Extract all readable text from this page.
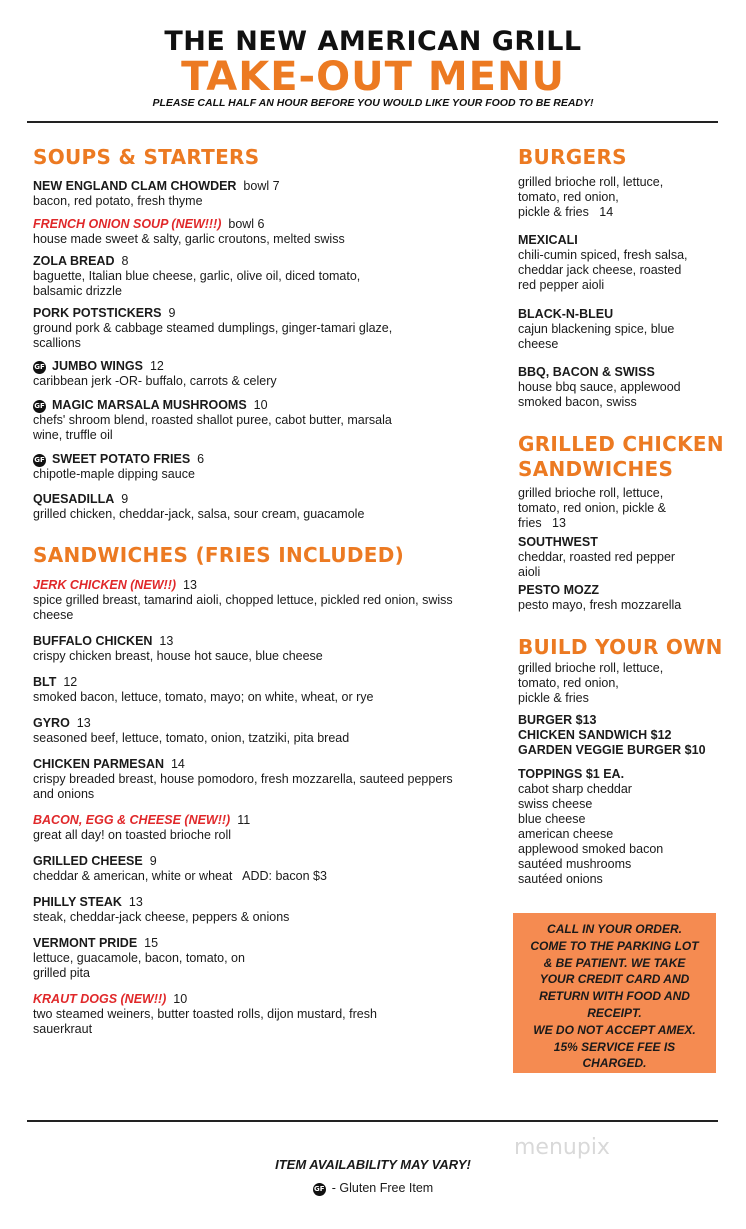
THE NEW AMERICAN GRILL
TAKE-OUT MENU
PLEASE CALL HALF AN HOUR BEFORE YOU WOULD LIKE YOUR FOOD TO BE READY!
SOUPS & STARTERS
NEW ENGLAND CLAM CHOWDER bowl 7
bacon, red potato, fresh thyme
FRENCH ONION SOUP (NEW!!!) bowl 6
house made sweet & salty, garlic croutons, melted swiss
ZOLA BREAD 8
baguette, Italian blue cheese, garlic, olive oil, diced tomato, balsamic drizzle
PORK POTSTICKERS 9
ground pork & cabbage steamed dumplings, ginger-tamari glaze, scallions
GF JUMBO WINGS 12
caribbean jerk -OR- buffalo, carrots & celery
GF MAGIC MARSALA MUSHROOMS 10
chefs' shroom blend, roasted shallot puree, cabot butter, marsala wine, truffle oil
GF SWEET POTATO FRIES 6
chipotle-maple dipping sauce
QUESADILLA 9
grilled chicken, cheddar-jack, salsa, sour cream, guacamole
SANDWICHES (FRIES INCLUDED)
JERK CHICKEN (NEW!!) 13
spice grilled breast, tamarind aioli, chopped lettuce, pickled red onion, swiss cheese
BUFFALO CHICKEN 13
crispy chicken breast, house hot sauce, blue cheese
BLT 12
smoked bacon, lettuce, tomato, mayo; on white, wheat, or rye
GYRO 13
seasoned beef, lettuce, tomato, onion, tzatziki, pita bread
CHICKEN PARMESAN 14
crispy breaded breast, house pomodoro, fresh mozzarella, sauteed peppers and onions
BACON, EGG & CHEESE (NEW!!) 11
great all day! on toasted brioche roll
GRILLED CHEESE 9
cheddar & american, white or wheat   ADD: bacon $3
PHILLY STEAK 13
steak, cheddar-jack cheese, peppers & onions
VERMONT PRIDE 15
lettuce, guacamole, bacon, tomato, on grilled pita
KRAUT DOGS (NEW!!) 10
two steamed weiners, butter toasted rolls, dijon mustard, fresh sauerkraut
BURGERS
grilled brioche roll, lettuce,
tomato, red onion,
pickle & fries 14
MEXICALI
chili-cumin spiced, fresh salsa,
cheddar jack cheese, roasted
red pepper aioli
BLACK-N-BLEU
cajun blackening spice, blue
cheese
BBQ, BACON & SWISS
house bbq sauce, applewood
smoked bacon, swiss
GRILLED CHICKEN
SANDWICHES
grilled brioche roll, lettuce,
tomato, red onion, pickle &
fries 13
SOUTHWEST
cheddar, roasted red pepper
aioli
PESTO MOZZ
pesto mayo, fresh mozzarella
BUILD YOUR OWN
grilled brioche roll, lettuce,
tomato, red onion,
pickle & fries
BURGER $13
CHICKEN SANDWICH $12
GARDEN VEGGIE BURGER $10
TOPPINGS $1 EA.
cabot sharp cheddar
swiss cheese
blue cheese
american cheese
applewood smoked bacon
sautéed mushrooms
sautéed onions
CALL IN YOUR ORDER.
COME TO THE PARKING LOT
& BE PATIENT. WE TAKE
YOUR CREDIT CARD AND
RETURN WITH FOOD AND
RECEIPT.
WE DO NOT ACCEPT AMEX.
15% SERVICE FEE IS
CHARGED.
menupix
ITEM AVAILABILITY MAY VARY!
GF - Gluten Free Item
